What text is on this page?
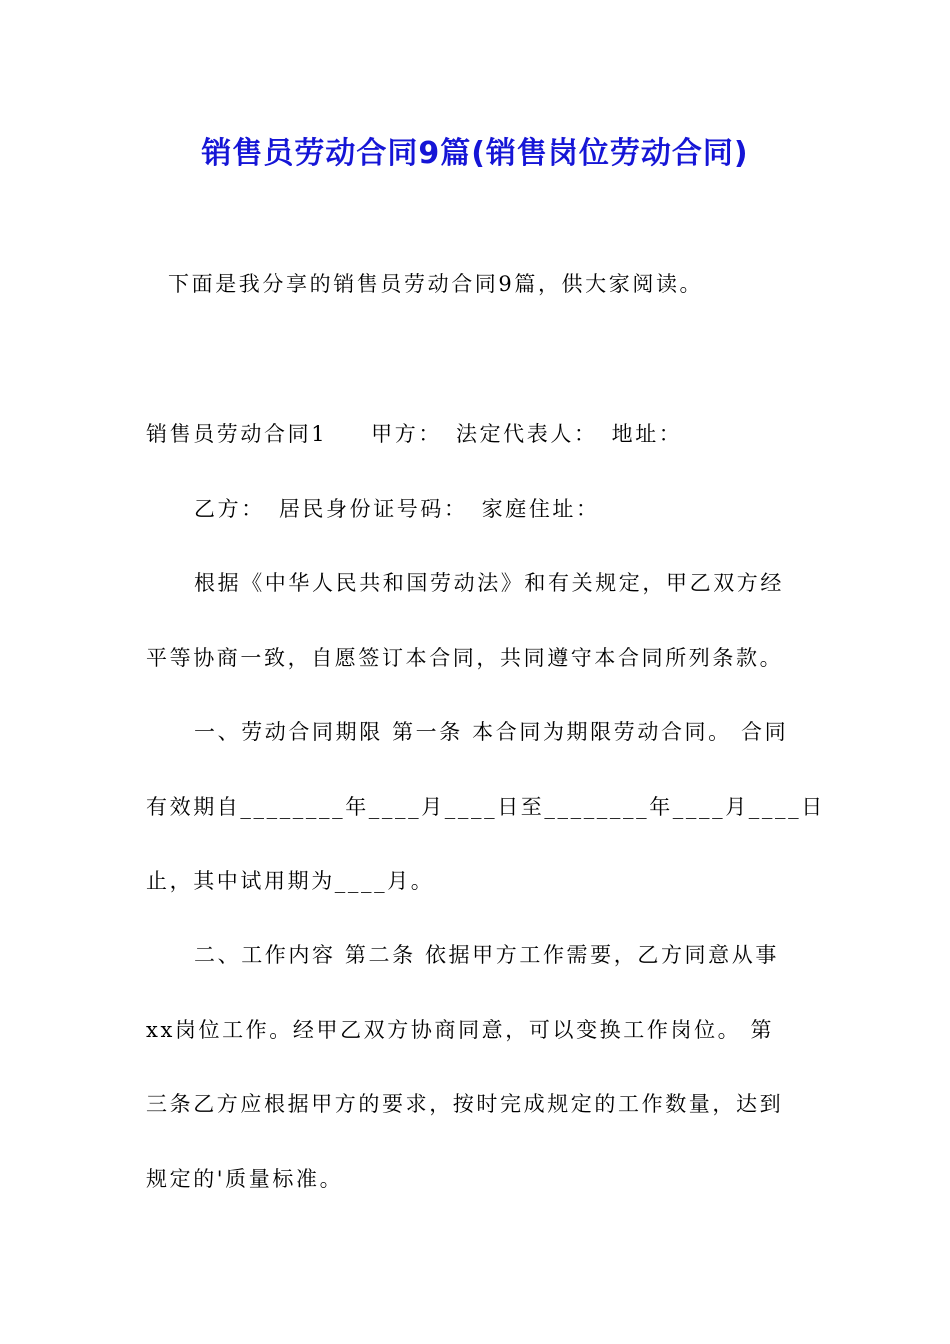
销售员劳动合同9篇(销售岗位劳动合同)
下面是我分享的销售员劳动合同9篇，供大家阅读。
销售员劳动合同1 甲方： 法定代表人： 地址：
乙方： 居民身份证号码： 家庭住址：
根据《中华人民共和国劳动法》和有关规定，甲乙双方经
平等协商一致，自愿签订本合同，共同遵守本合同所列条款。
一、劳动合同期限 第一条 本合同为期限劳动合同。 合同
有效期自________年____月____日至________年____月____日
止，其中试用期为____月。
二、工作内容 第二条 依据甲方工作需要，乙方同意从事
xx岗位工作。经甲乙双方协商同意，可以变换工作岗位。 第
三条乙方应根据甲方的要求，按时完成规定的工作数量，达到
规定的'质量标准。
